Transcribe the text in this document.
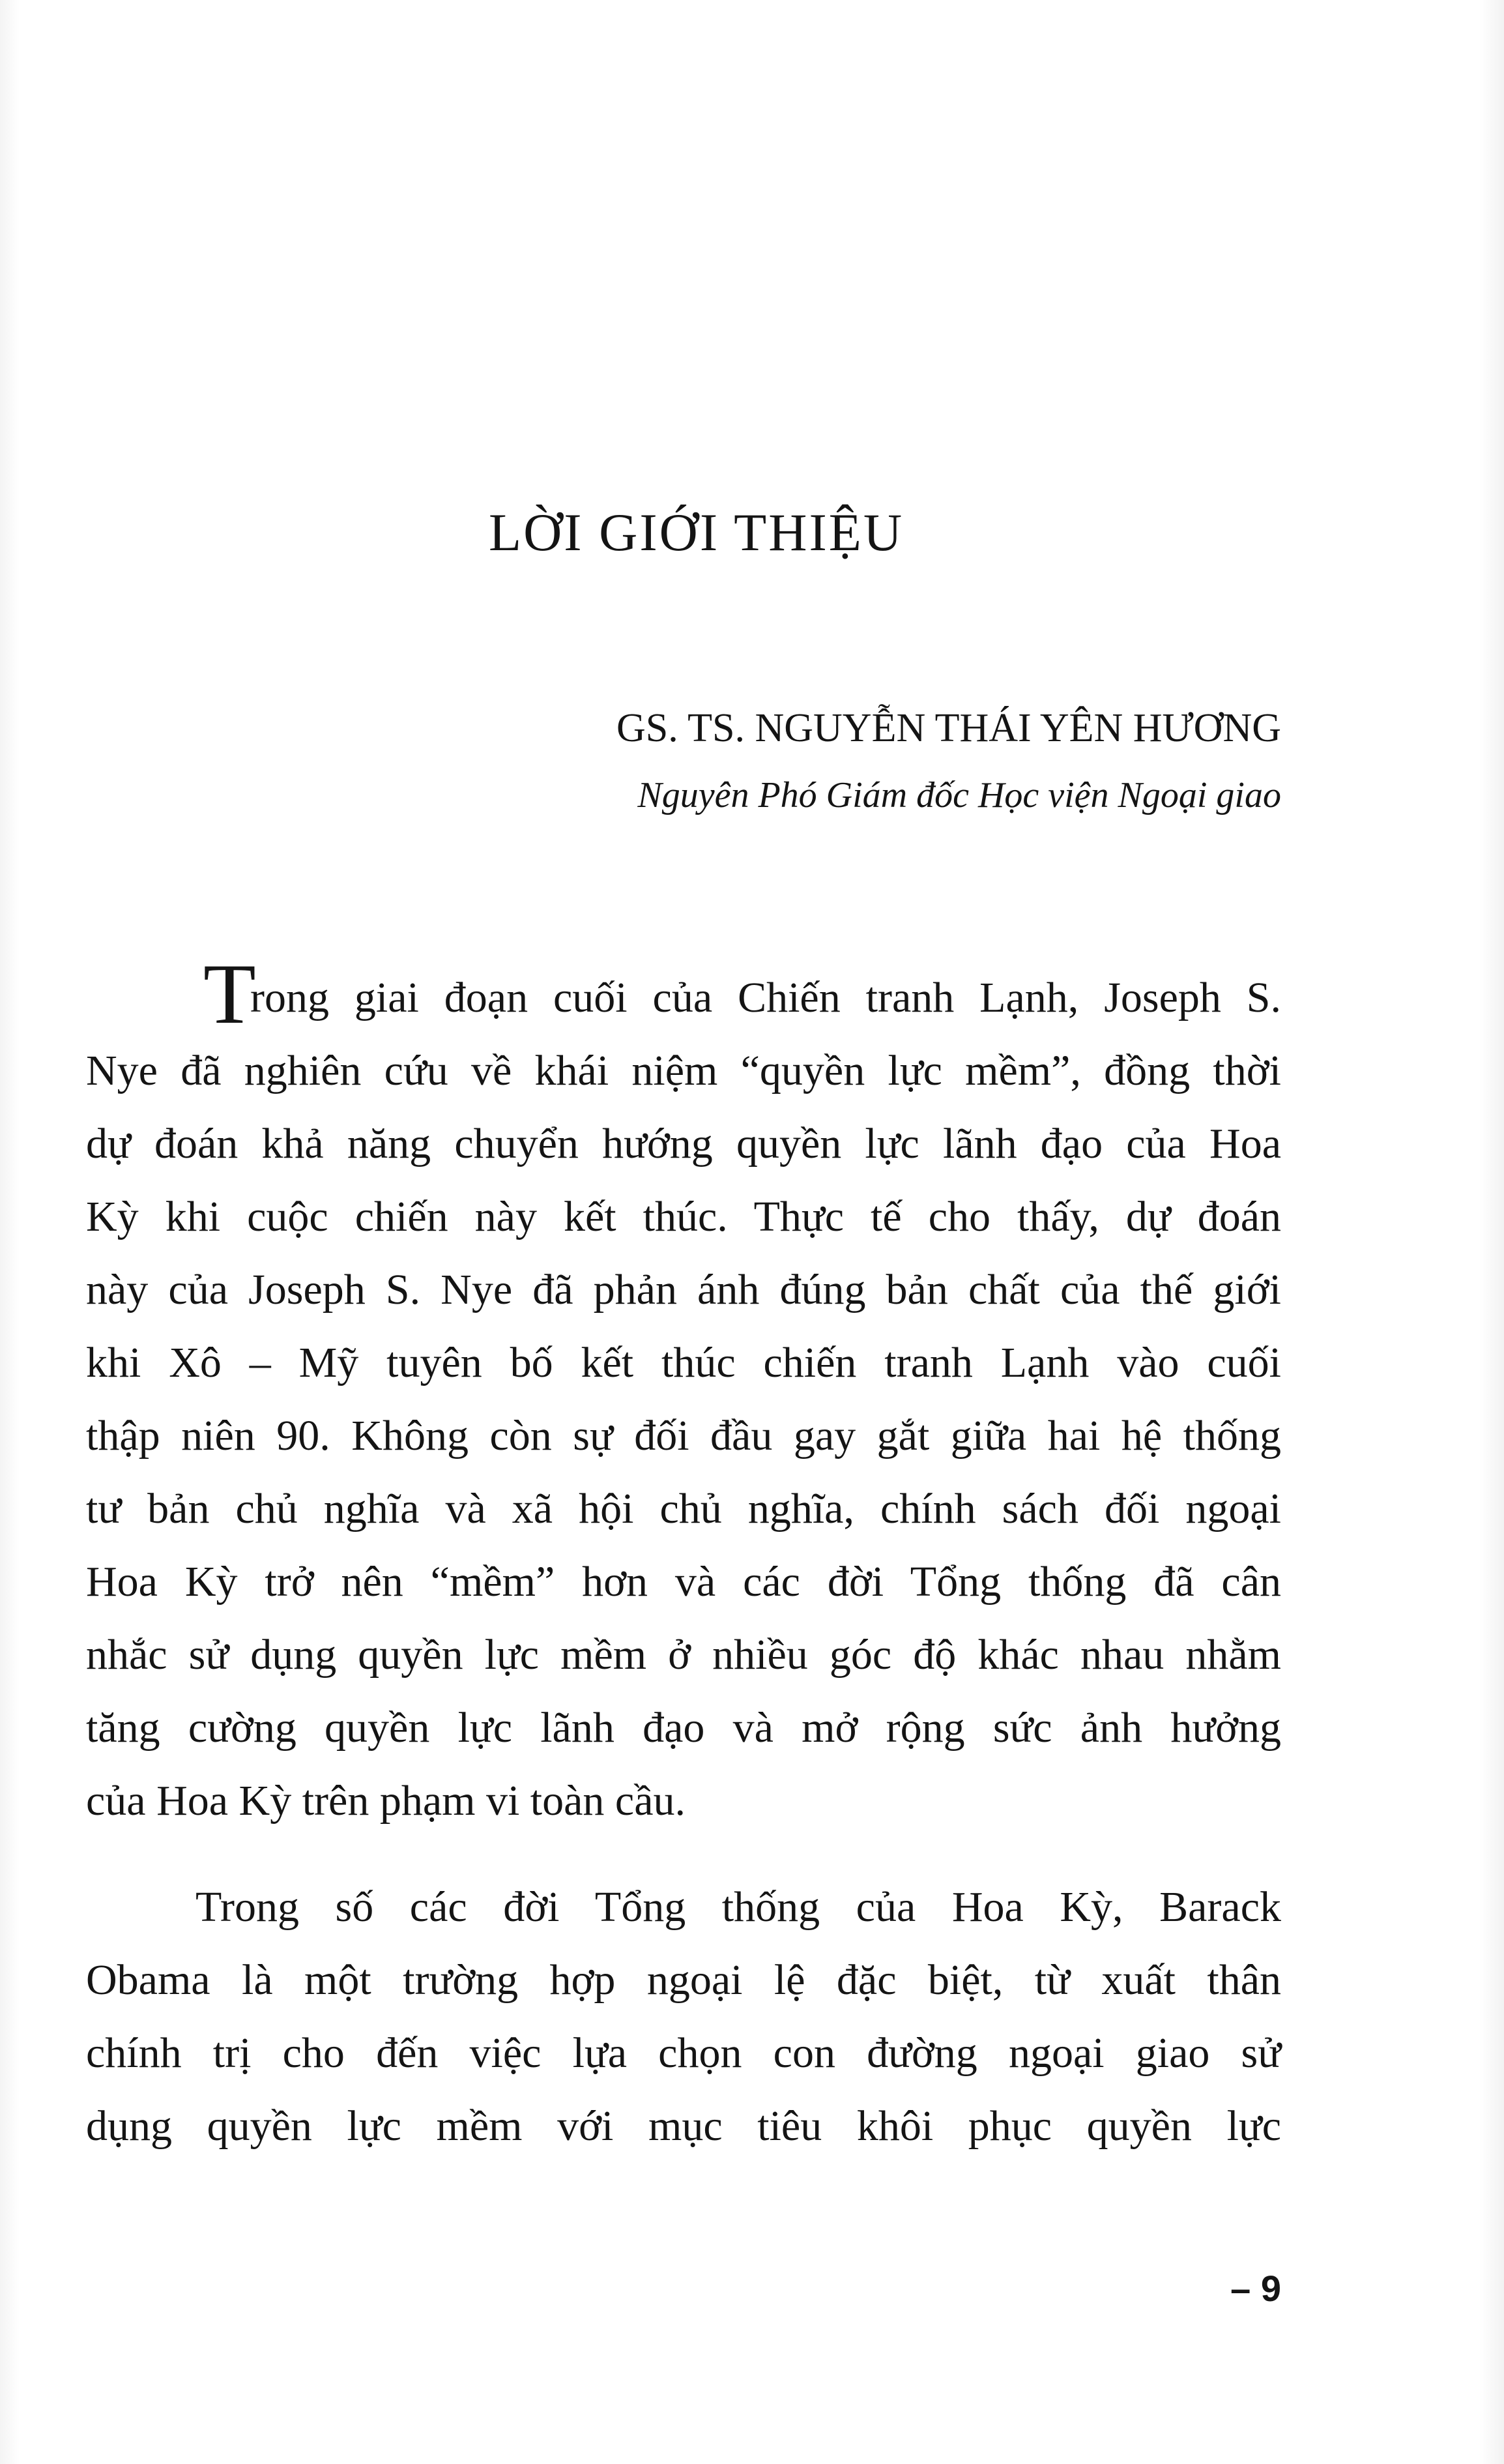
LỜI GIỚI THIỆU
GS. TS. NGUYỄN THÁI YÊN HƯƠNG
Nguyên Phó Giám đốc Học viện Ngoại giao
T
rong giai đoạn cuối của Chiến tranh Lạnh, Joseph S.
Nye đã nghiên cứu về khái niệm “quyền lực mềm”, đồng thời
dự đoán khả năng chuyển hướng quyền lực lãnh đạo của Hoa
Kỳ khi cuộc chiến này kết thúc. Thực tế cho thấy, dự đoán
này của Joseph S. Nye đã phản ánh đúng bản chất của thế giới
khi Xô – Mỹ tuyên bố kết thúc chiến tranh Lạnh vào cuối
thập niên 90. Không còn sự đối đầu gay gắt giữa hai hệ thống
tư bản chủ nghĩa và xã hội chủ nghĩa, chính sách đối ngoại
Hoa Kỳ trở nên “mềm” hơn và các đời Tổng thống đã cân
nhắc sử dụng quyền lực mềm ở nhiều góc độ khác nhau nhằm
tăng cường quyền lực lãnh đạo và mở rộng sức ảnh hưởng
của Hoa Kỳ trên phạm vi toàn cầu.
Trong số các đời Tổng thống của Hoa Kỳ, Barack
Obama là một trường hợp ngoại lệ đặc biệt, từ xuất thân
chính trị cho đến việc lựa chọn con đường ngoại giao sử
dụng quyền lực mềm với mục tiêu khôi phục quyền lực
– 9
